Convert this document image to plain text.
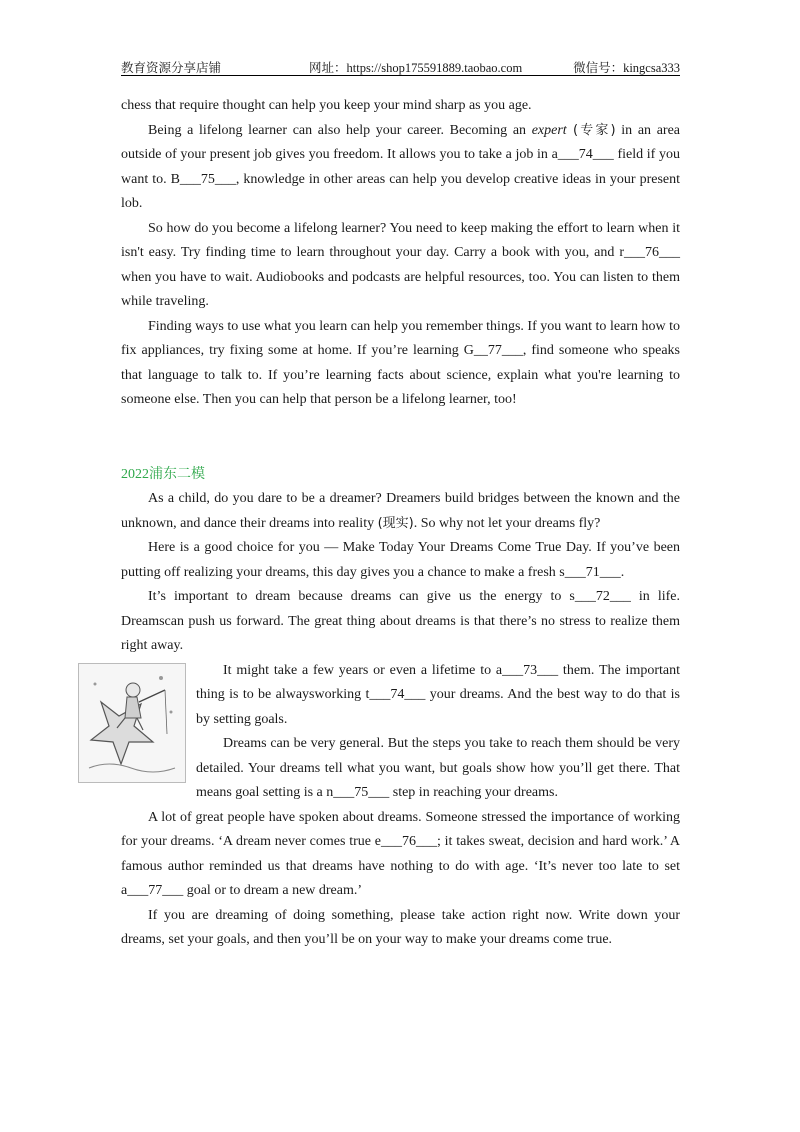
教育资源分享店铺	网址：https://shop175591889.taobao.com	微信号：kingcsa333

chess that require thought can help you keep your mind sharp as you age.

Being a lifelong learner can also help your career. Becoming an expert (专家) in an area outside of your present job gives you freedom. It allows you to take a job in a___74___ field if you want to. B___75___, knowledge in other areas can help you develop creative ideas in your present lob.

So how do you become a lifelong learner? You need to keep making the effort to learn when it isn't easy. Try finding time to learn throughout your day. Carry a book with you, and r___76___ when you have to wait. Audiobooks and podcasts are helpful resources, too. You can listen to them while traveling.

Finding ways to use what you learn can help you remember things. If you want to learn how to fix appliances, try fixing some at home. If you’re learning G__77___, find someone who speaks that language to talk to. If you’re learning facts about science, explain what you're learning to someone else. Then you can help that person be a lifelong learner, too!

2022浦东二模

As a child, do you dare to be a dreamer? Dreamers build bridges between the known and the unknown, and dance their dreams into reality (现实). So why not let your dreams fly?

Here is a good choice for you — Make Today Your Dreams Come True Day. If you’ve been putting off realizing your dreams, this day gives you a chance to make a fresh s___71___.

It’s important to dream because dreams can give us the energy to s___72___ in life. Dreamscan push us forward. The great thing about dreams is that there’s no stress to realize them right away.

It might take a few years or even a lifetime to a___73___ them. The important thing is to be alwaysworking t___74___ your dreams. And the best way to do that is by setting goals.

Dreams can be very general. But the steps you take to reach them should be very detailed. Your dreams tell what you want, but goals show how you’ll get there. That means goal setting is a n___75___ step in reaching your dreams.

A lot of great people have spoken about dreams. Someone stressed the importance of working for your dreams. ‘A dream never comes true e___76___; it takes sweat, decision and hard work.’ A famous author reminded us that dreams have nothing to do with age. ‘It’s never too late to set a___77___ goal or to dream a new dream.’

If you are dreaming of doing something, please take action right now. Write down your dreams, set your goals, and then you’ll be on your way to make your dreams come true.
